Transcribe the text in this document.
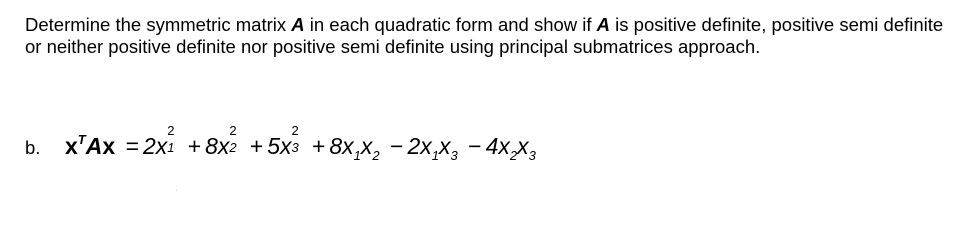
Determine the symmetric matrix A in each quadratic form and show if A is positive definite, positive semi definite or neither positive definite nor positive semi definite using principal submatrices approach.
b.	$x^TAx = 2x$
2
1 + 8x
2
2 + 5x
2
$3 + 8x_1x_2 - 2x_1x_3 - 4x_2x_3$
